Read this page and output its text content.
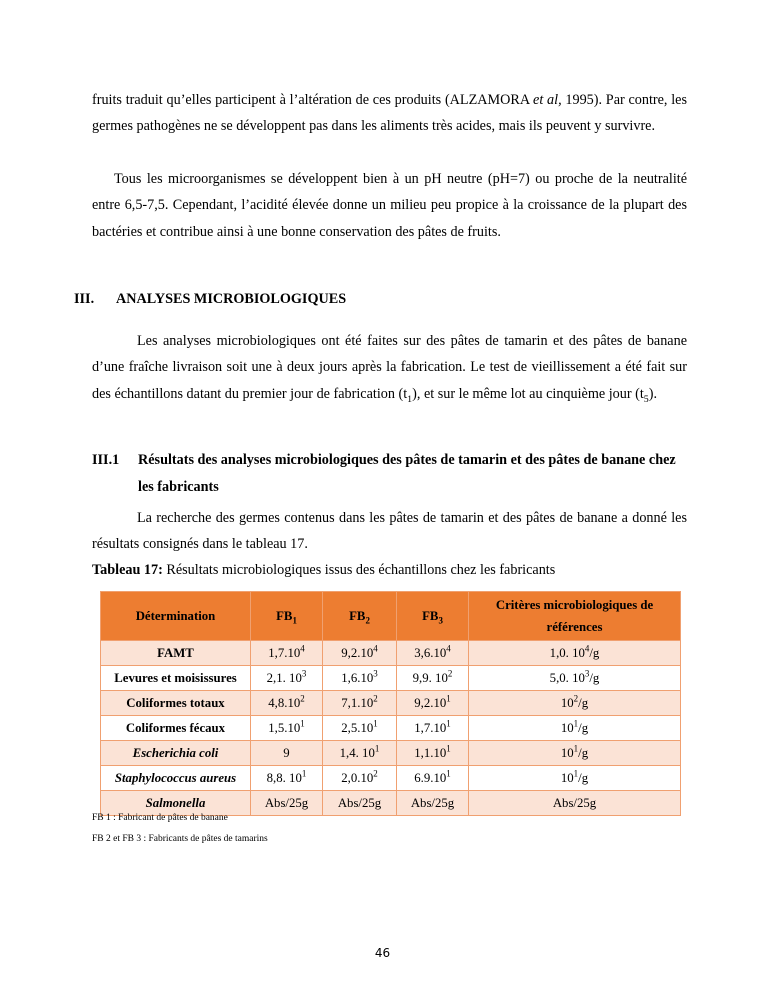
fruits traduit qu’elles participent à l’altération de ces produits (ALZAMORA et al, 1995). Par contre, les germes pathogènes ne se développent pas dans les aliments très acides, mais ils peuvent y survivre.

Tous les microorganismes se développent bien à un pH neutre (pH=7) ou proche de la neutralité entre 6,5-7,5. Cependant, l’acidité élevée donne un milieu peu propice à la croissance de la plupart des bactéries et contribue ainsi à une bonne conservation des pâtes de fruits.

III. ANALYSES MICROBIOLOGIQUES

Les analyses microbiologiques ont été faites sur des pâtes de tamarin et des pâtes de banane d’une fraîche livraison soit une à deux jours après la fabrication. Le test de vieillissement a été fait sur des échantillons datant du premier jour de fabrication $(t_1)$, et sur le même lot au cinquième jour $(t_5)$.

III.1 Résultats des analyses microbiologiques des pâtes de tamarin et des pâtes de banane chez les fabricants

La recherche des germes contenus dans les pâtes de tamarin et des pâtes de banane a donné les résultats consignés dans le tableau 17.

Tableau 17: Résultats microbiologiques issus des échantillons chez les fabricants
Détermination	$FB_1$	$FB_2$	$FB_3$	Critères microbiologiques de références
FAMT	1,7.10$^4$	9,2.10$^4$	3,6.10$^4$	1,0. $10^4/g$
Levures et moisissures	2,1. $10^3$	1,6.10$^3$	9,9. $10^2$	5,0. $10^3/g$
Coliformes totaux	4,8.10$^2$	7,1.10$^2$	9,2.10$^1$	$10^2/g$
Coliformes fécaux	1,5.10$^1$	2,5.10$^1$	1,7.10$^1$	$10^1/g$
Escherichia coli	9	1,4. $10^1$	1,1.10$^1$	$10^1/g$
Staphylococcus aureus	8,8. $10^1$	2,0.10$^2$	6.9.10$^1$	$10^1/g$
Salmonella	Abs/25g	Abs/25g	Abs/25g	Abs/25g
FB 1 : Fabricant de pâtes de banane
FB 2 et FB 3 : Fabricants de pâtes de tamarins
46
